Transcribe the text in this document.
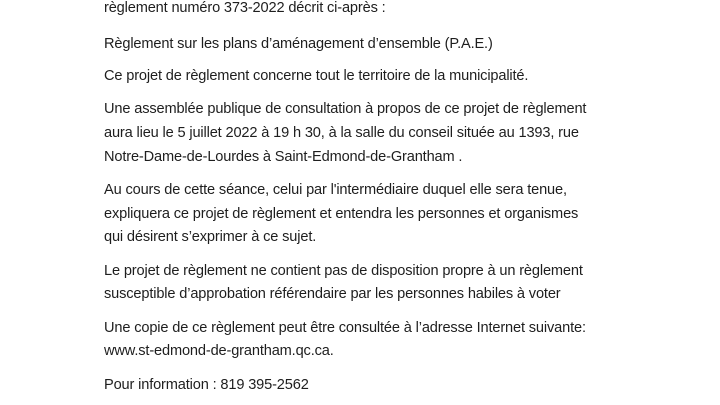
règlement numéro 373-2022 décrit ci-après :
Règlement sur les plans d’aménagement d’ensemble (P.A.E.)
Ce projet de règlement concerne tout le territoire de la municipalité.
Une assemblée publique de consultation à propos de ce projet de règlement
aura lieu le 5 juillet 2022 à 19 h 30, à la salle du conseil située au 1393, rue
Notre-Dame-de-Lourdes à Saint-Edmond-de-Grantham .
Au cours de cette séance, celui par l'intermédiaire duquel elle sera tenue,
expliquera ce projet de règlement et entendra les personnes et organismes
qui désirent s’exprimer à ce sujet.
Le projet de règlement ne contient pas de disposition propre à un règlement
susceptible d’approbation référendaire par les personnes habiles à voter
Une copie de ce règlement peut être consultée à l’adresse Internet suivante:
www.st-edmond-de-grantham.qc.ca.
Pour information : 819 395-2562
